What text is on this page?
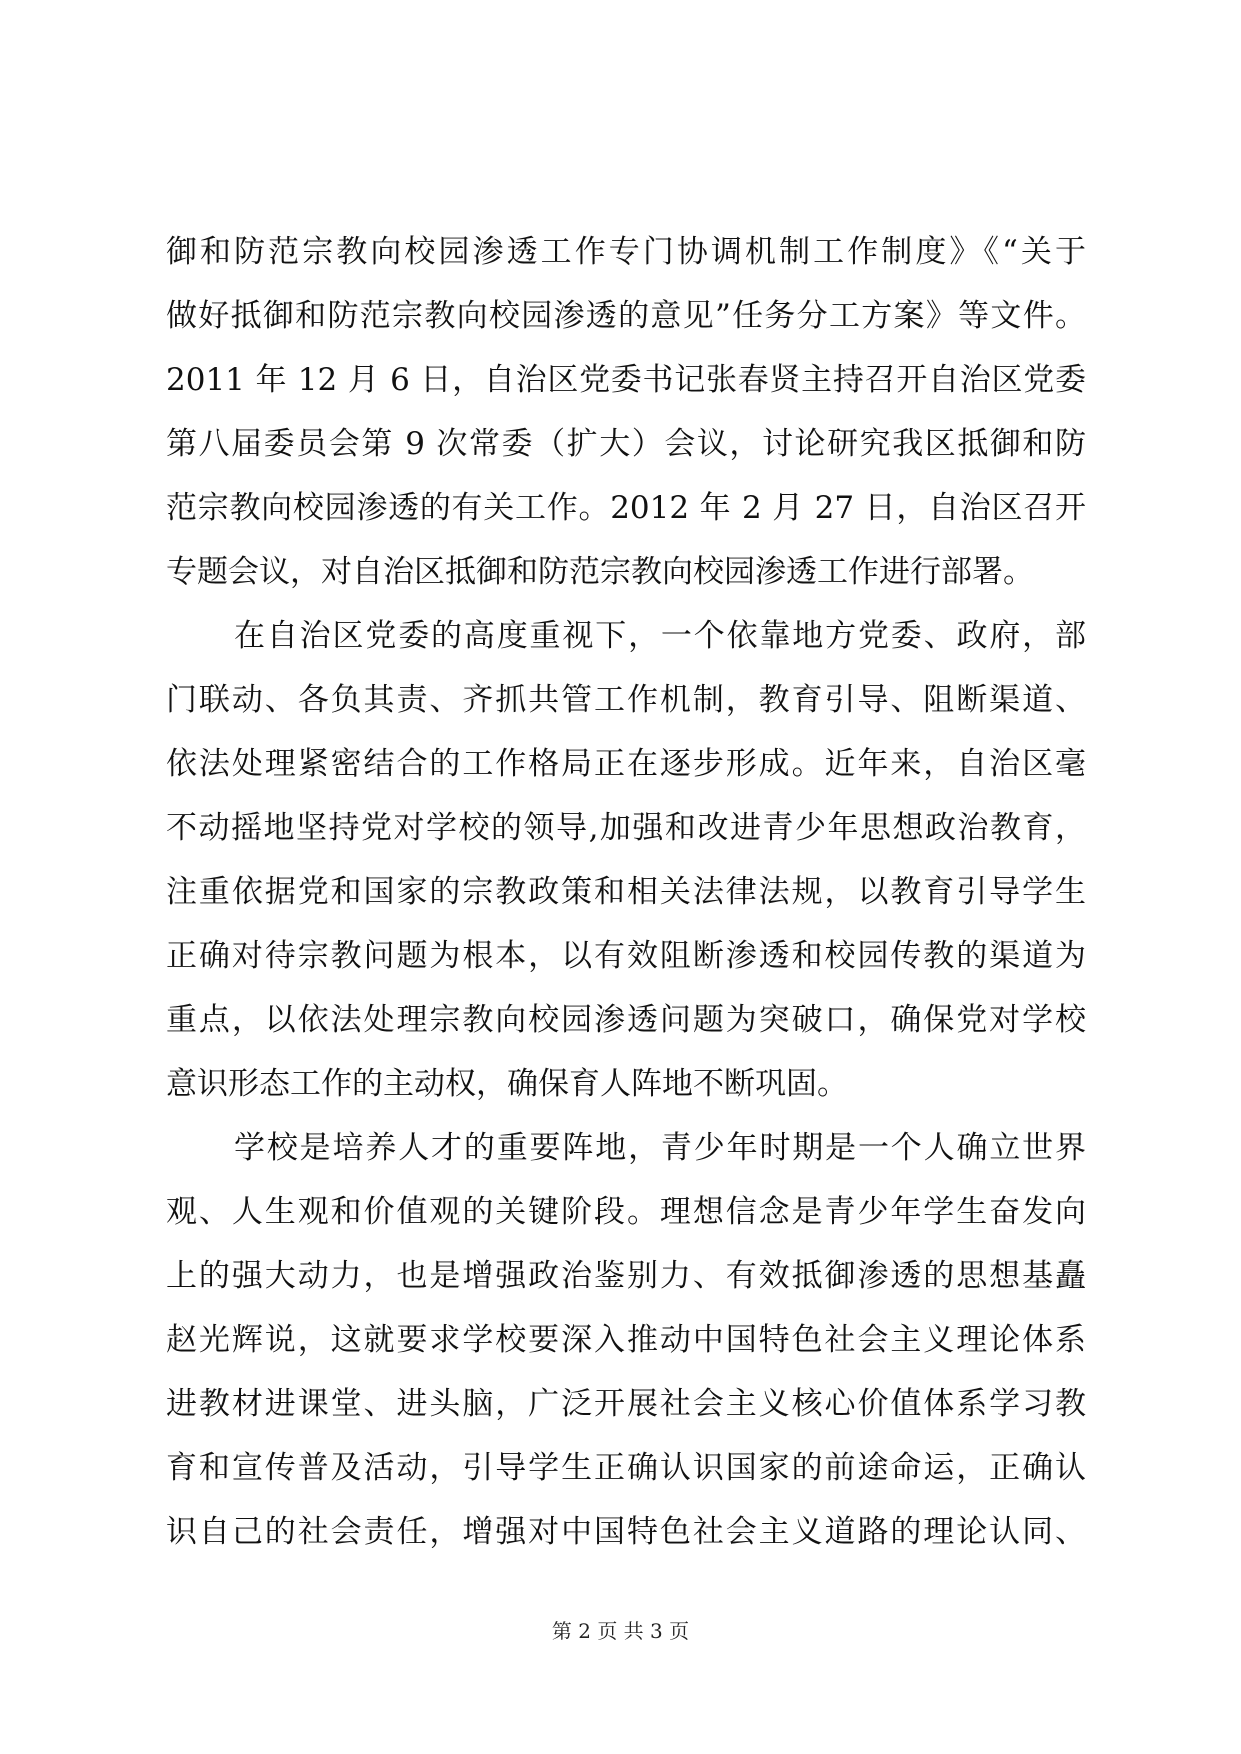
御和防范宗教向校园渗透工作专门协调机制工作制度》《“关于
做好抵御和防范宗教向校园渗透的意见”任务分工方案》等文件。
2011 年 12 月 6 日，自治区党委书记张春贤主持召开自治区党委
第八届委员会第 9 次常委（扩大）会议，讨论研究我区抵御和防
范宗教向校园渗透的有关工作。2012 年 2 月 27 日，自治区召开
专题会议，对自治区抵御和防范宗教向校园渗透工作进行部署。
在自治区党委的高度重视下，一个依靠地方党委、政府，部
门联动、各负其责、齐抓共管工作机制，教育引导、阻断渠道、
依法处理紧密结合的工作格局正在逐步形成。近年来，自治区毫
不动摇地坚持党对学校的领导,加强和改进青少年思想政治教育，
注重依据党和国家的宗教政策和相关法律法规，以教育引导学生
正确对待宗教问题为根本，以有效阻断渗透和校园传教的渠道为
重点，以依法处理宗教向校园渗透问题为突破口，确保党对学校
意识形态工作的主动权，确保育人阵地不断巩固。
学校是培养人才的重要阵地，青少年时期是一个人确立世界
观、人生观和价值观的关键阶段。理想信念是青少年学生奋发向
上的强大动力，也是增强政治鉴别力、有效抵御渗透的思想基矗
赵光辉说，这就要求学校要深入推动中国特色社会主义理论体系
进教材进课堂、进头脑，广泛开展社会主义核心价值体系学习教
育和宣传普及活动，引导学生正确认识国家的前途命运，正确认
识自己的社会责任，增强对中国特色社会主义道路的理论认同、
第 2 页 共 3 页
